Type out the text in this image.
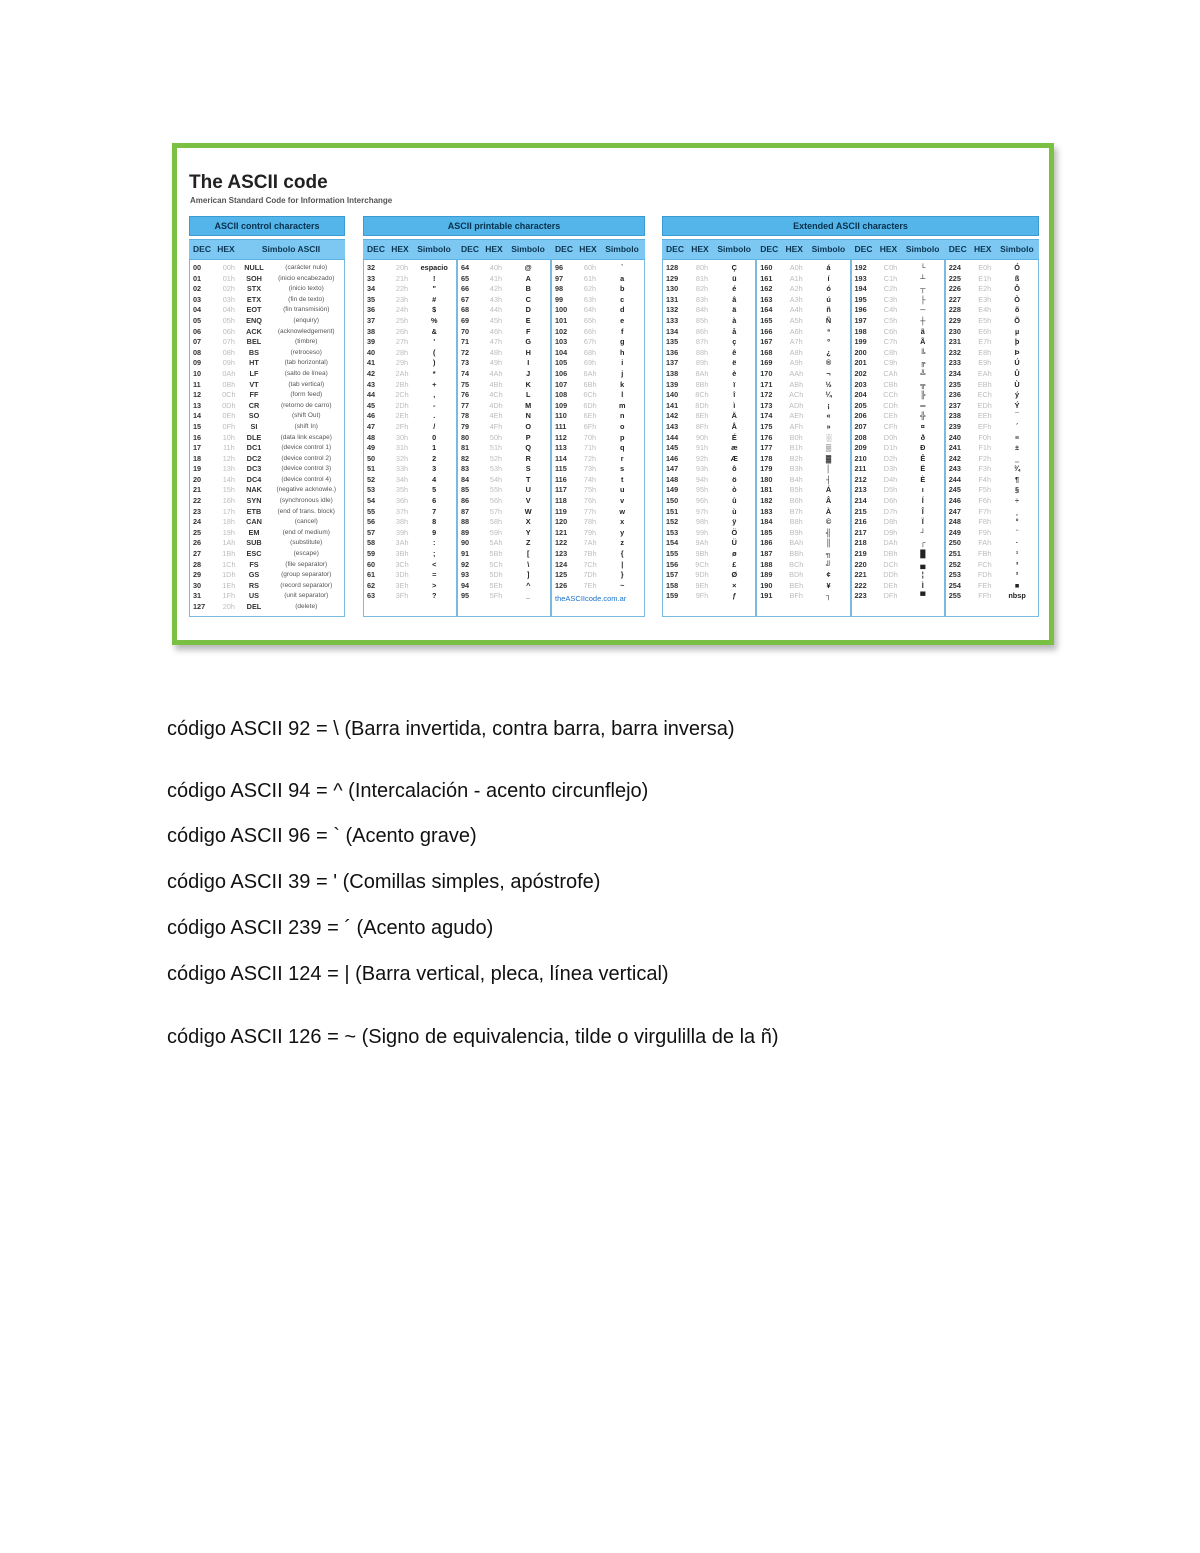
The ASCII code
American Standard Code for Information Interchange
ASCII control characters
DEC HEX	Simbolo ASCII
00	00h	NULL	(carácter nulo)
01	01h	SOH	(inicio encabezado)
02	02h	STX	(inicio texto)
03	03h	ETX	(fin de texto)
04	04h	EOT	(fin transmisión)
05	05h	ENQ	(enquiry)
06	06h	ACK	(acknowledgement)
07	07h	BEL	(timbre)
08	08h	BS	(retroceso)
09	09h	HT	(tab horizontal)
10	0Ah	LF	(salto de línea)
11	0Bh	VT	(tab vertical)
12	0Ch	FF	(form feed)
13	0Dh	CR	(retorno de carro)
14	0Eh	SO	(shift Out)
15	0Fh	SI	(shift In)
16	10h	DLE	(data link escape)
17	11h	DC1	(device control 1)
18	12h	DC2	(device control 2)
19	13h	DC3	(device control 3)
20	14h	DC4	(device control 4)
21	15h	NAK	(negative acknowle.)
22	16h	SYN	(synchronous idle)
23	17h	ETB	(end of trans. block)
24	18h	CAN	(cancel)
25	19h	EM	(end of medium)
26	1Ah	SUB	(substitute)
27	1Bh	ESC	(escape)
28	1Ch	FS	(file separator)
29	1Dh	GS	(group separator)
30	1Eh	RS	(record separator)
31	1Fh	US	(unit separator)
127	20h	DEL	(delete)
ASCII printable characters
DEC HEX	Simbolo	DEC HEX	Simbolo	DEC HEX	Simbolo
32	20h	espacio
33	21h	!
34	22h	"
35	23h	#
36	24h	$
37	25h	%
38	26h	&
39	27h	'
40	28h	(
41	29h	)
42	2Ah	*
43	2Bh	+
44	2Ch	,
45	2Dh	-
46	2Eh	.
47	2Fh	/
48	30h	0
49	31h	1
50	32h	2
51	33h	3
52	34h	4
53	35h	5
54	36h	6
55	37h	7
56	38h	8
57	39h	9
58	3Ah	:
59	3Bh	;
60	3Ch	<
61	3Dh	=
62	3Eh	>
63	3Fh	?
64	40h	@
65	41h	A
66	42h	B
67	43h	C
68	44h	D
69	45h	E
70	46h	F
71	47h	G
72	48h	H
73	49h	I
74	4Ah	J
75	4Bh	K
76	4Ch	L
77	4Dh	M
78	4Eh	N
79	4Fh	O
80	50h	P
81	51h	Q
82	52h	R
83	53h	S
84	54h	T
85	55h	U
86	56h	V
87	57h	W
88	58h	X
89	59h	Y
90	5Ah	Z
91	5Bh	[
92	5Ch	\
93	5Dh	]
94	5Eh	^
95	5Fh	_
96	60h	`
97	61h	a
98	62h	b
99	63h	c
100	64h	d
101	65h	e
102	66h	f
103	67h	g
104	68h	h
105	69h	i
106	6Ah	j
107	6Bh	k
108	6Ch	l
109	6Dh	m
110	6Eh	n
111	6Fh	o
112	70h	p
113	71h	q
114	72h	r
115	73h	s
116	74h	t
117	75h	u
118	76h	v
119	77h	w
120	78h	x
121	79h	y
122	7Ah	z
123	7Bh	{
124	7Ch	|
125	7Dh	}
126	7Eh	~
theASCIIcode.com.ar
Extended ASCII characters
DEC HEX	Simbolo	DEC HEX	Simbolo	DEC HEX	Simbolo	DEC HEX	Simbolo
128	80h	Ç
129	81h	ü
130	82h	é
131	83h	â
132	84h	ä
133	85h	à
134	86h	å
135	87h	ç
136	88h	ê
137	89h	ë
138	8Ah	è
139	8Bh	ï
140	8Ch	î
141	8Dh	ì
142	8Eh	Ä
143	8Fh	Å
144	90h	É
145	91h	æ
146	92h	Æ
147	93h	ô
148	94h	ö
149	95h	ò
150	96h	û
151	97h	ù
152	98h	ÿ
153	99h	Ö
154	9Ah	Ü
155	9Bh	ø
156	9Ch	£
157	9Dh	Ø
158	9Eh	×
159	9Fh	ƒ
160	A0h	á
161	A1h	í
162	A2h	ó
163	A3h	ú
164	A4h	ñ
165	A5h	Ñ
166	A6h	ª
167	A7h	º
168	A8h	¿
169	A9h	®
170	AAh	¬
171	ABh	½
172	ACh	¼
173	ADh	¡
174	AEh	«
175	AFh	»
176	B0h	░
177	B1h	▒
178	B2h	▓
179	B3h	│
180	B4h	┤
181	B5h	Á
182	B6h	Â
183	B7h	À
184	B8h	©
185	B9h	╣
186	BAh	║
187	BBh	╗
188	BCh	╝
189	BDh	¢
190	BEh	¥
191	BFh	┐
192	C0h	└
193	C1h	┴
194	C2h	┬
195	C3h	├
196	C4h	─
197	C5h	┼
198	C6h	ã
199	C7h	Ã
200	C8h	╚
201	C9h	╔
202	CAh	╩
203	CBh	╦
204	CCh	╠
205	CDh	═
206	CEh	╬
207	CFh	¤
208	D0h	ð
209	D1h	Ð
210	D2h	Ê
211	D3h	Ë
212	D4h	È
213	D5h	ı
214	D6h	Í
215	D7h	Î
216	D8h	Ï
217	D9h	┘
218	DAh	┌
219	DBh	█
220	DCh	▄
221	DDh	¦
222	DEh	Ì
223	DFh	▀
224	E0h	Ó
225	E1h	ß
226	E2h	Ô
227	E3h	Ò
228	E4h	õ
229	E5h	Õ
230	E6h	µ
231	E7h	þ
232	E8h	Þ
233	E9h	Ú
234	EAh	Û
235	EBh	Ù
236	ECh	ý
237	EDh	Ý
238	EEh	¯
239	EFh	´
240	F0h	≡
241	F1h	±
242	F2h	‗
243	F3h	¾
244	F4h	¶
245	F5h	§
246	F6h	÷
247	F7h	¸
248	F8h	°
249	F9h	¨
250	FAh	·
251	FBh	¹
252	FCh	³
253	FDh	²
254	FEh	■
255	FFh	nbsp
código ASCII 92 = \ (Barra invertida, contra barra, barra inversa)
código ASCII 94 = ^ (Intercalación - acento circunflejo)
código ASCII 96 = ` (Acento grave)
código ASCII 39 = ' (Comillas simples, apóstrofe)
código ASCII 239 = ´ (Acento agudo)
código ASCII 124 = | (Barra vertical, pleca, línea vertical)
código ASCII 126 = ~ (Signo de equivalencia, tilde o virgulilla de la ñ)
